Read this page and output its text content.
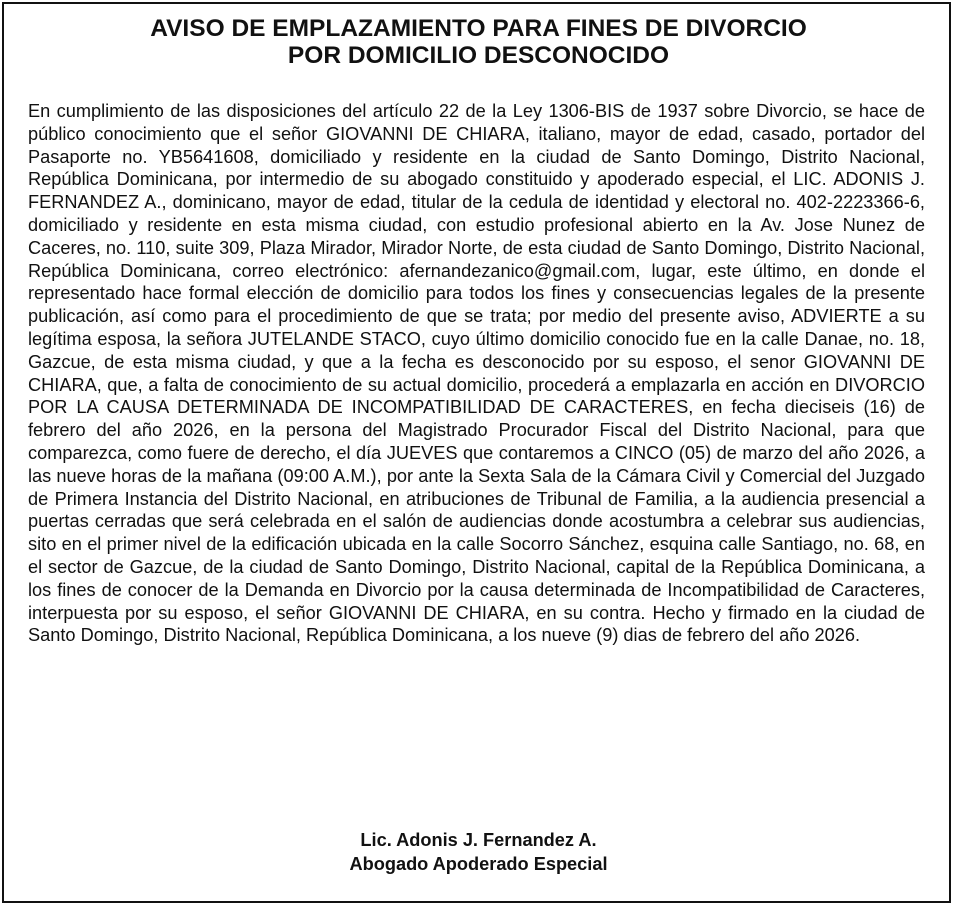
AVISO DE EMPLAZAMIENTO PARA FINES DE DIVORCIO
POR DOMICILIO DESCONOCIDO

En cumplimiento de las disposiciones del artículo 22 de la Ley 1306-BIS de 1937 sobre Divorcio, se hace de público conocimiento que el señor GIOVANNI DE CHIARA, italiano, mayor de edad, casado, portador del Pasaporte no. YB5641608, domiciliado y residente en la ciudad de Santo Domingo, Distrito Nacional, República Dominicana, por intermedio de su abogado constituido y apoderado especial, el LIC. ADONIS J. FERNANDEZ A., dominicano, mayor de edad, titular de la cedula de identidad y electoral no. 402-2223366-6, domiciliado y residente en esta misma ciudad, con estudio profesional abierto en la Av. Jose Nunez de Caceres, no. 110, suite 309, Plaza Mirador, Mirador Norte, de esta ciudad de Santo Domingo, Distrito Nacional, República Dominicana, correo electrónico: afernandezanico@gmail.com, lugar, este último, en donde el representado hace formal elección de domicilio para todos los fines y consecuencias legales de la presente publicación, así como para el procedimiento de que se trata; por medio del presente aviso, ADVIERTE a su legítima esposa, la señora JUTELANDE STACO, cuyo último domicilio conocido fue en la calle Danae, no. 18, Gazcue, de esta misma ciudad, y que a la fecha es desconocido por su esposo, el senor GIOVANNI DE CHIARA, que, a falta de conocimiento de su actual domicilio, procederá a emplazarla en acción en DIVORCIO POR LA CAUSA DETERMINADA DE INCOMPATIBILIDAD DE CARACTERES, en fecha dieciseis (16) de febrero del año 2026, en la persona del Magistrado Procurador Fiscal del Distrito Nacional, para que comparezca, como fuere de derecho, el día JUEVES que contaremos a CINCO (05) de marzo del año 2026, a las nueve horas de la mañana (09:00 A.M.), por ante la Sexta Sala de la Cámara Civil y Comercial del Juzgado de Primera Instancia del Distrito Nacional, en atribuciones de Tribunal de Familia, a la audiencia presencial a puertas cerradas que será celebrada en el salón de audiencias donde acostumbra a celebrar sus audiencias, sito en el primer nivel de la edificación ubicada en la calle Socorro Sánchez, esquina calle Santiago, no. 68, en el sector de Gazcue, de la ciudad de Santo Domingo, Distrito Nacional, capital de la República Dominicana, a los fines de conocer de la Demanda en Divorcio por la causa determinada de Incompatibilidad de Caracteres, interpuesta por su esposo, el señor GIOVANNI DE CHIARA, en su contra. Hecho y firmado en la ciudad de Santo Domingo, Distrito Nacional, República Dominicana, a los nueve (9) dias de febrero del año 2026.

Lic. Adonis J. Fernandez A.
Abogado Apoderado Especial
